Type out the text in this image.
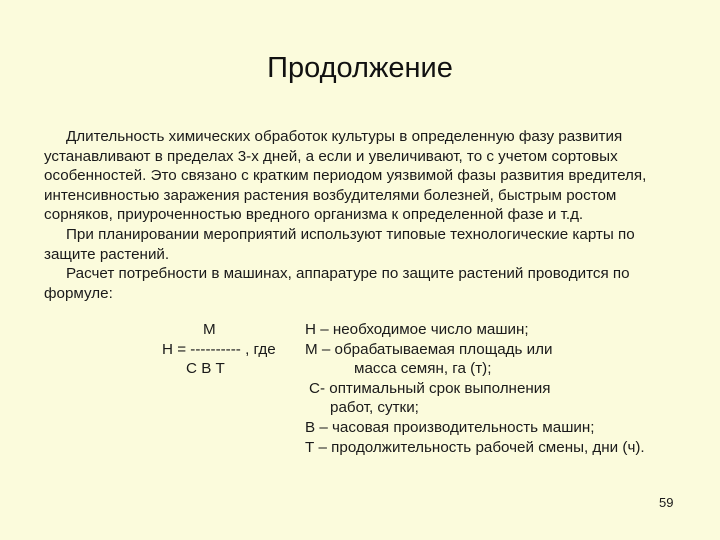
Продолжение

Длительность химических обработок культуры в определенную фазу развития устанавливают в пределах 3-х дней, а если и увеличивают, то с учетом сортовых особенностей. Это связано с кратким периодом уязвимой фазы развития вредителя, интенсивностью заражения растения возбудителями болезней, быстрым ростом сорняков, приуроченностью вредного организма к определенной фазе и т.д.

При планировании мероприятий используют типовые технологические карты по защите растений.

Расчет потребности в машинах, аппаратуре по защите растений проводится по формуле:

М
Н = ---------- , где
С В Т
Н – необходимое число машин;
М – обрабатываемая площадь или
масса семян, га (т);
С- оптимальный срок выполнения
работ, сутки;
В – часовая производительность машин;
Т – продолжительность рабочей смены, дни (ч).
59
